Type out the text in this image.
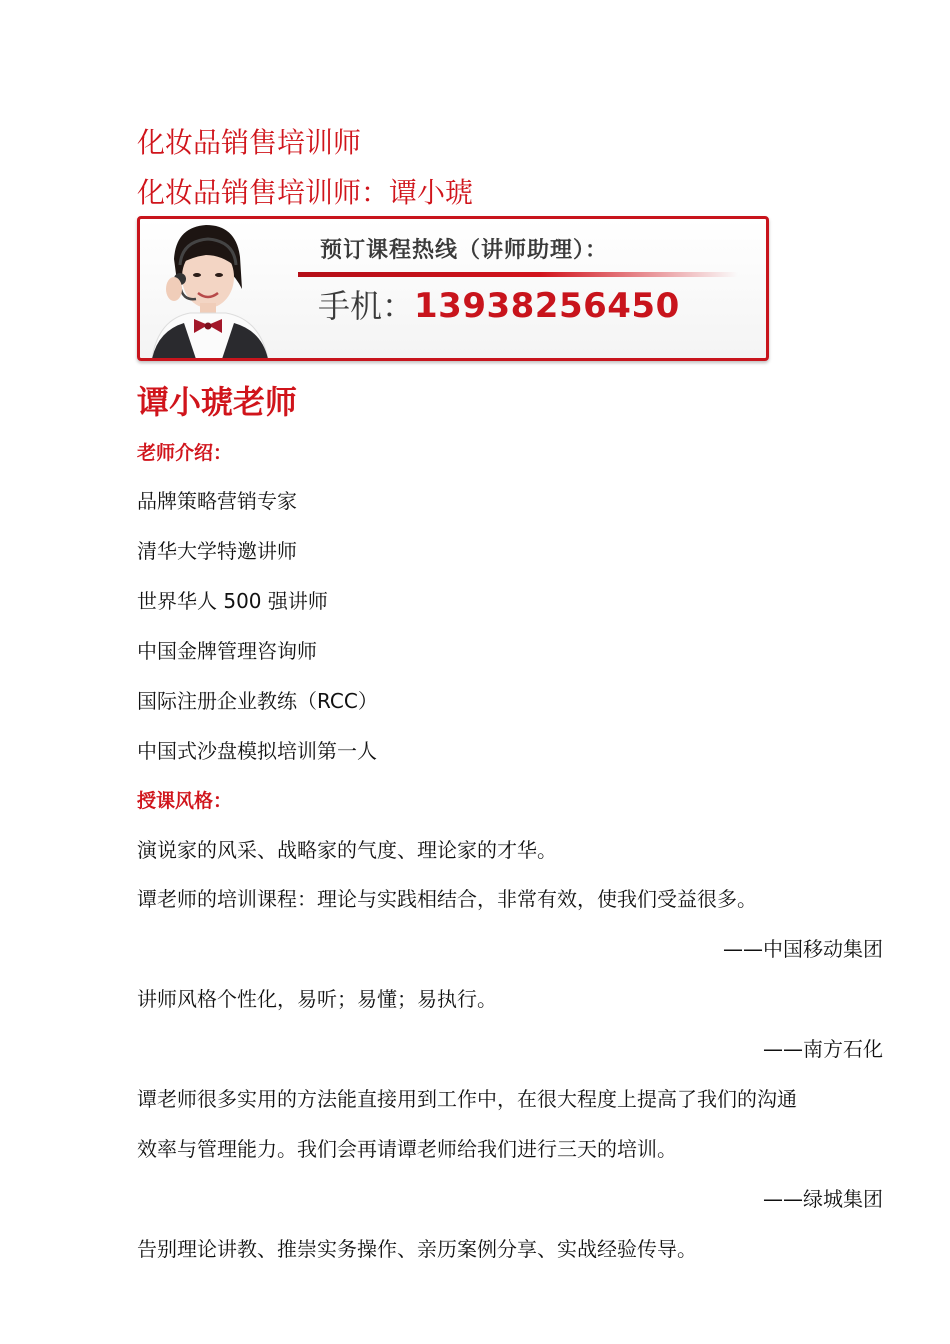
化妆品销售培训师
化妆品销售培训师：谭小琥
预订课程热线（讲师助理）：
手机：13938256450
谭小琥老师
老师介绍：
品牌策略营销专家
清华大学特邀讲师
世界华人 500 强讲师
中国金牌管理咨询师
国际注册企业教练（RCC）
中国式沙盘模拟培训第一人
授课风格：
演说家的风采、战略家的气度、理论家的才华。
谭老师的培训课程：理论与实践相结合，非常有效，使我们受益很多。
——中国移动集团
讲师风格个性化，易听；易懂；易执行。
——南方石化
谭老师很多实用的方法能直接用到工作中，在很大程度上提高了我们的沟通
效率与管理能力。我们会再请谭老师给我们进行三天的培训。
——绿城集团
告别理论讲教、推崇实务操作、亲历案例分享、实战经验传导。
